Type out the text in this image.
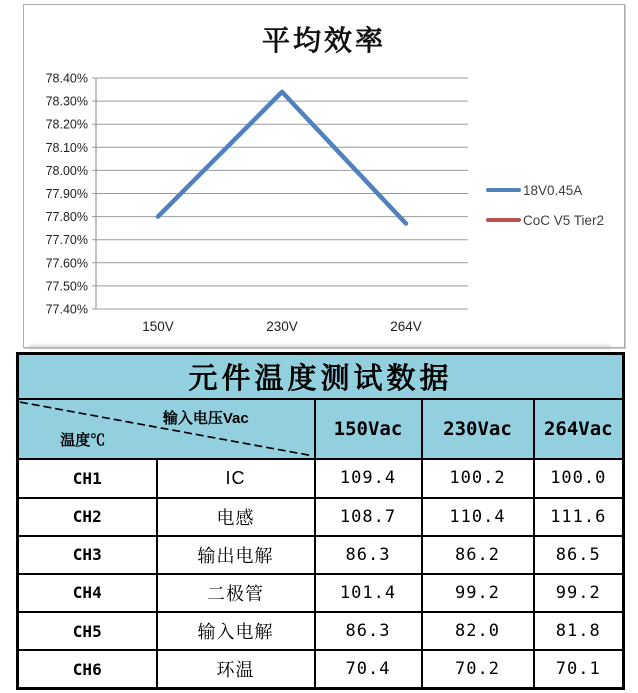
平均效率
78.40%
78.30%
78.20%
78.10%
78.00%
77.90%
77.80%
77.70%
77.60%
77.50%
77.40%
150V	230V	264V
18V0.45A
CoC V5 Tier2
元件温度测试数据				

输入电压Vac
温度℃		150Vac	230Vac	264Vac
CH1	IC	109.4	100.2	100.0
CH2	电感	108.7	110.4	111.6
CH3	输出电解	86.3	86.2	86.5
CH4	二极管	101.4	99.2	99.2
CH5	输入电解	86.3	82.0	81.8
CH6	环温	70.4	70.2	70.1
